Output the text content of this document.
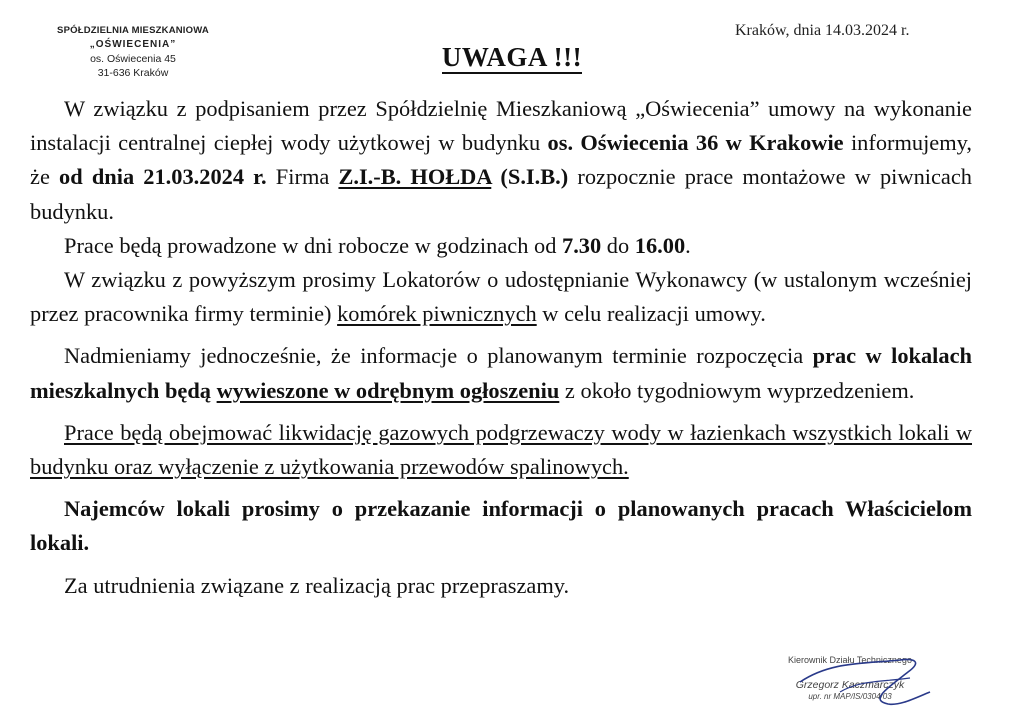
SPÓŁDZIELNIA MIESZKANIOWA
„OŚWIECENIA”
os. Oświecenia 45
31-636 Kraków
Kraków, dnia 14.03.2024 r.
UWAGA !!!
W związku z podpisaniem przez Spółdzielnię Mieszkaniową „Oświecenia” umowy na wykonanie instalacji centralnej ciepłej wody użytkowej w budynku os. Oświecenia 36 w Krakowie informujemy, że od dnia 21.03.2024 r. Firma Z.I.-B. HOŁDA (S.I.B.) rozpocznie prace montażowe w piwnicach budynku.
Prace będą prowadzone w dni robocze w godzinach od 7.30 do 16.00.
W związku z powyższym prosimy Lokatorów o udostępnianie Wykonawcy (w ustalonym wcześniej przez pracownika firmy terminie) komórek piwnicznych w celu realizacji umowy.
Nadmieniamy jednocześnie, że informacje o planowanym terminie rozpoczęcia prac w lokalach mieszkalnych będą wywieszone w odrębnym ogłoszeniu z około tygodniowym wyprzedzeniem.
Prace będą obejmować likwidację gazowych podgrzewaczy wody w łazienkach wszystkich lokali w budynku oraz wyłączenie z użytkowania przewodów spalinowych.
Najemców lokali prosimy o przekazanie informacji o planowanych pracach Właścicielom lokali.
Za utrudnienia związane z realizacją prac przepraszamy.
Kierownik Działu Technicznego
Grzegorz Kaczmarczyk
upr. nr MAP/IS/0304/03
